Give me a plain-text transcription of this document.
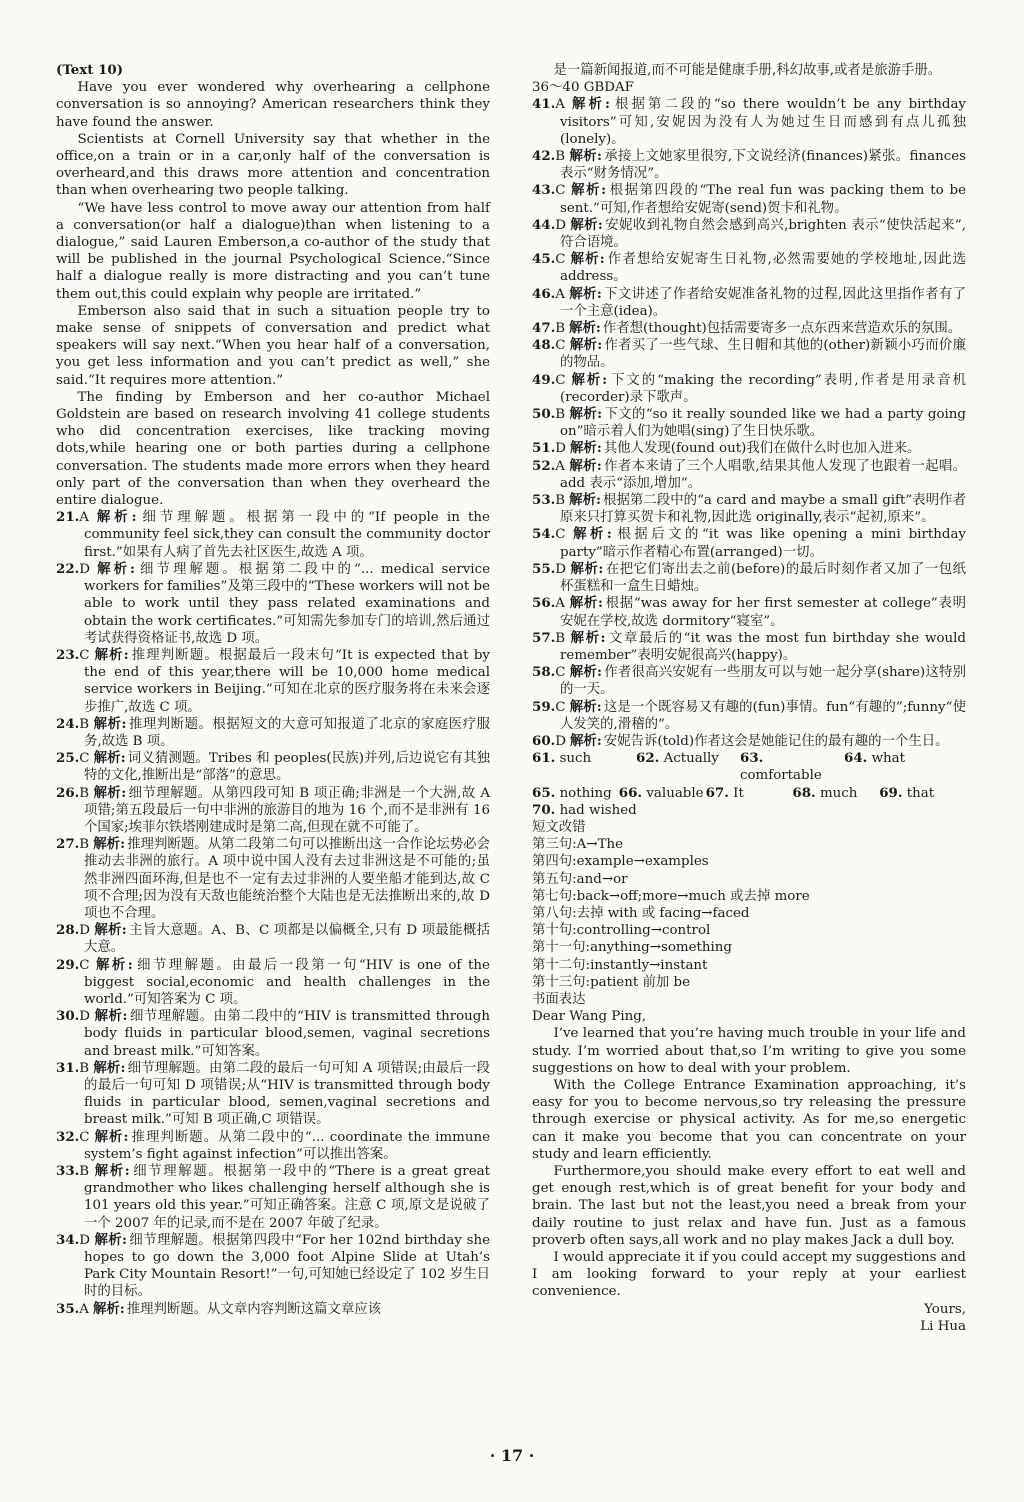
(Text 10)

Have you ever wondered why overhearing a cellphone conversation is so annoying? American researchers think they have found the answer.

Scientists at Cornell University say that whether in the office,on a train or in a car,only half of the conversation is overheard,and this draws more attention and concentration than when overhearing two people talking.

“We have less control to move away our attention from half a conversation(or half a dialogue)than when listening to a dialogue,” said Lauren Emberson,a co-author of the study that will be published in the journal Psychological Science.“Since half a dialogue really is more distracting and you can’t tune them out,this could explain why people are irritated.”

Emberson also said that in such a situation people try to make sense of snippets of conversation and predict what speakers will say next.“When you hear half of a conversation, you get less information and you can’t predict as well,” she said.“It requires more attention.”

The finding by Emberson and her co-author Michael Goldstein are based on research involving 41 college students who did concentration exercises, like tracking moving dots,while hearing one or both parties during a cellphone conversation. The students made more errors when they heard only part of the conversation than when they overheard the entire dialogue.

21.A 解析: 细节理解题。根据第一段中的“If people in the community feel sick,they can consult the community doctor first.”如果有人病了首先去社区医生,故选 A 项。

22.D 解析: 细节理解题。根据第二段中的“... medical service workers for families”及第三段中的“These workers will not be able to work until they pass related examinations and obtain the work certificates.”可知需先参加专门的培训,然后通过考试获得资格证书,故选 D 项。

23.C 解析: 推理判断题。根据最后一段末句“It is expected that by the end of this year,there will be 10,000 home medical service workers in Beijing.”可知在北京的医疗服务将在未来会逐步推广,故选 C 项。

24.B 解析: 推理判断题。根据短文的大意可知报道了北京的家庭医疗服务,故选 B 项。

25.C 解析: 词义猜测题。Tribes 和 peoples(民族)并列,后边说它有其独特的文化,推断出是“部落”的意思。

26.B 解析: 细节理解题。从第四段可知 B 项正确;非洲是一个大洲,故 A 项错;第五段最后一句中非洲的旅游目的地为 16 个,而不是非洲有 16 个国家;埃菲尔铁塔刚建成时是第二高,但现在就不可能了。

27.B 解析: 推理判断题。从第二段第二句可以推断出这一合作论坛势必会推动去非洲的旅行。A 项中说中国人没有去过非洲这是不可能的;虽然非洲四面环海,但是也不一定有去过非洲的人要坐船才能到达,故 C 项不合理;因为没有天敌也能统治整个大陆也是无法推断出来的,故 D 项也不合理。

28.D 解析: 主旨大意题。A、B、C 项都是以偏概全,只有 D 项最能概括大意。

29.C 解析: 细节理解题。由最后一段第一句“HIV is one of the biggest social,economic and health challenges in the world.”可知答案为 C 项。

30.D 解析: 细节理解题。由第二段中的“HIV is transmitted through body fluids in particular blood,semen, vaginal secretions and breast milk.”可知答案。

31.B 解析: 细节理解题。由第二段的最后一句可知 A 项错误;由最后一段的最后一句可知 D 项错误;从“HIV is transmitted through body fluids in particular blood, semen,vaginal secretions and breast milk.”可知 B 项正确,C 项错误。

32.C 解析: 推理判断题。从第二段中的“... coordinate the immune system’s fight against infection”可以推出答案。

33.B 解析: 细节理解题。根据第一段中的“There is a great great grandmother who likes challenging herself although she is 101 years old this year.”可知正确答案。注意 C 项,原文是说破了一个 2007 年的记录,而不是在 2007 年破了纪录。

34.D 解析: 细节理解题。根据第四段中“For her 102nd birthday she hopes to go down the 3,000 foot Alpine Slide at Utah’s Park City Mountain Resort!”一句,可知她已经设定了 102 岁生日时的目标。

35.A 解析: 推理判断题。从文章内容判断这篇文章应该

是一篇新闻报道,而不可能是健康手册,科幻故事,或者是旅游手册。

36～40 GBDAF

41.A 解析: 根据第二段的“so there wouldn’t be any birthday visitors”可知,安妮因为没有人为她过生日而感到有点儿孤独(lonely)。

42.B 解析: 承接上文她家里很穷,下文说经济(finances)紧张。finances 表示“财务情况”。

43.C 解析: 根据第四段的“The real fun was packing them to be sent.”可知,作者想给安妮寄(send)贺卡和礼物。

44.D 解析: 安妮收到礼物自然会感到高兴,brighten 表示“使快活起来”,符合语境。

45.C 解析: 作者想给安妮寄生日礼物,必然需要她的学校地址,因此选 address。

46.A 解析: 下文讲述了作者给安妮准备礼物的过程,因此这里指作者有了一个主意(idea)。

47.B 解析: 作者想(thought)包括需要寄多一点东西来营造欢乐的氛围。

48.C 解析: 作者买了一些气球、生日帽和其他的(other)新颖小巧而价廉的物品。

49.C 解析: 下文的“making the recording”表明,作者是用录音机(recorder)录下歌声。

50.B 解析: 下文的“so it really sounded like we had a party going on”暗示着人们为她唱(sing)了生日快乐歌。

51.D 解析: 其他人发现(found out)我们在做什么时也加入进来。

52.A 解析: 作者本来请了三个人唱歌,结果其他人发现了也跟着一起唱。add 表示“添加,增加”。

53.B 解析: 根据第二段中的“a card and maybe a small gift”表明作者原来只打算买贺卡和礼物,因此选 originally,表示“起初,原来”。

54.C 解析: 根据后文的“it was like opening a mini birthday party”暗示作者精心布置(arranged)一切。

55.D 解析: 在把它们寄出去之前(before)的最后时刻作者又加了一包纸杯蛋糕和一盒生日蜡烛。

56.A 解析: 根据“was away for her first semester at college”表明安妮在学校,故选 dormitory“寝室”。

57.B 解析: 文章最后的“it was the most fun birthday she would remember”表明安妮很高兴(happy)。

58.C 解析: 作者很高兴安妮有一些朋友可以与她一起分享(share)这特别的一天。

59.C 解析: 这是一个既容易又有趣的(fun)事情。fun“有趣的”;funny“使人发笑的,滑稽的”。

60.D 解析: 安妮告诉(told)作者这会是她能记住的最有趣的一个生日。

61. such	62. Actually	63. comfortable
64. what

65. nothing 66. valuable 67. It	68. much	69. that

70. had wished

短文改错

第三句:A→The

第四句:example→examples

第五句:and→or

第七句:back→off;more→much 或去掉 more

第八句:去掉 with 或 facing→faced

第十句:controlling→control

第十一句:anything→something

第十二句:instantly→instant

第十三句:patient 前加 be

书面表达

Dear Wang Ping,

I’ve learned that you’re having much trouble in your life and study. I’m worried about that,so I’m writing to give you some suggestions on how to deal with your problem.

With the College Entrance Examination approaching, it’s easy for you to become nervous,so try releasing the pressure through exercise or physical activity. As for me,so energetic can it make you become that you can concentrate on your study and learn efficiently.

Furthermore,you should make every effort to eat well and get enough rest,which is of great benefit for your body and brain. The last but not the least,you need a break from your daily routine to just relax and have fun. Just as a famous proverb often says,all work and no play makes Jack a dull boy.

I would appreciate it if you could accept my suggestions and I am looking forward to your reply at your earliest convenience.

Yours,

Li Hua

· 17 ·
